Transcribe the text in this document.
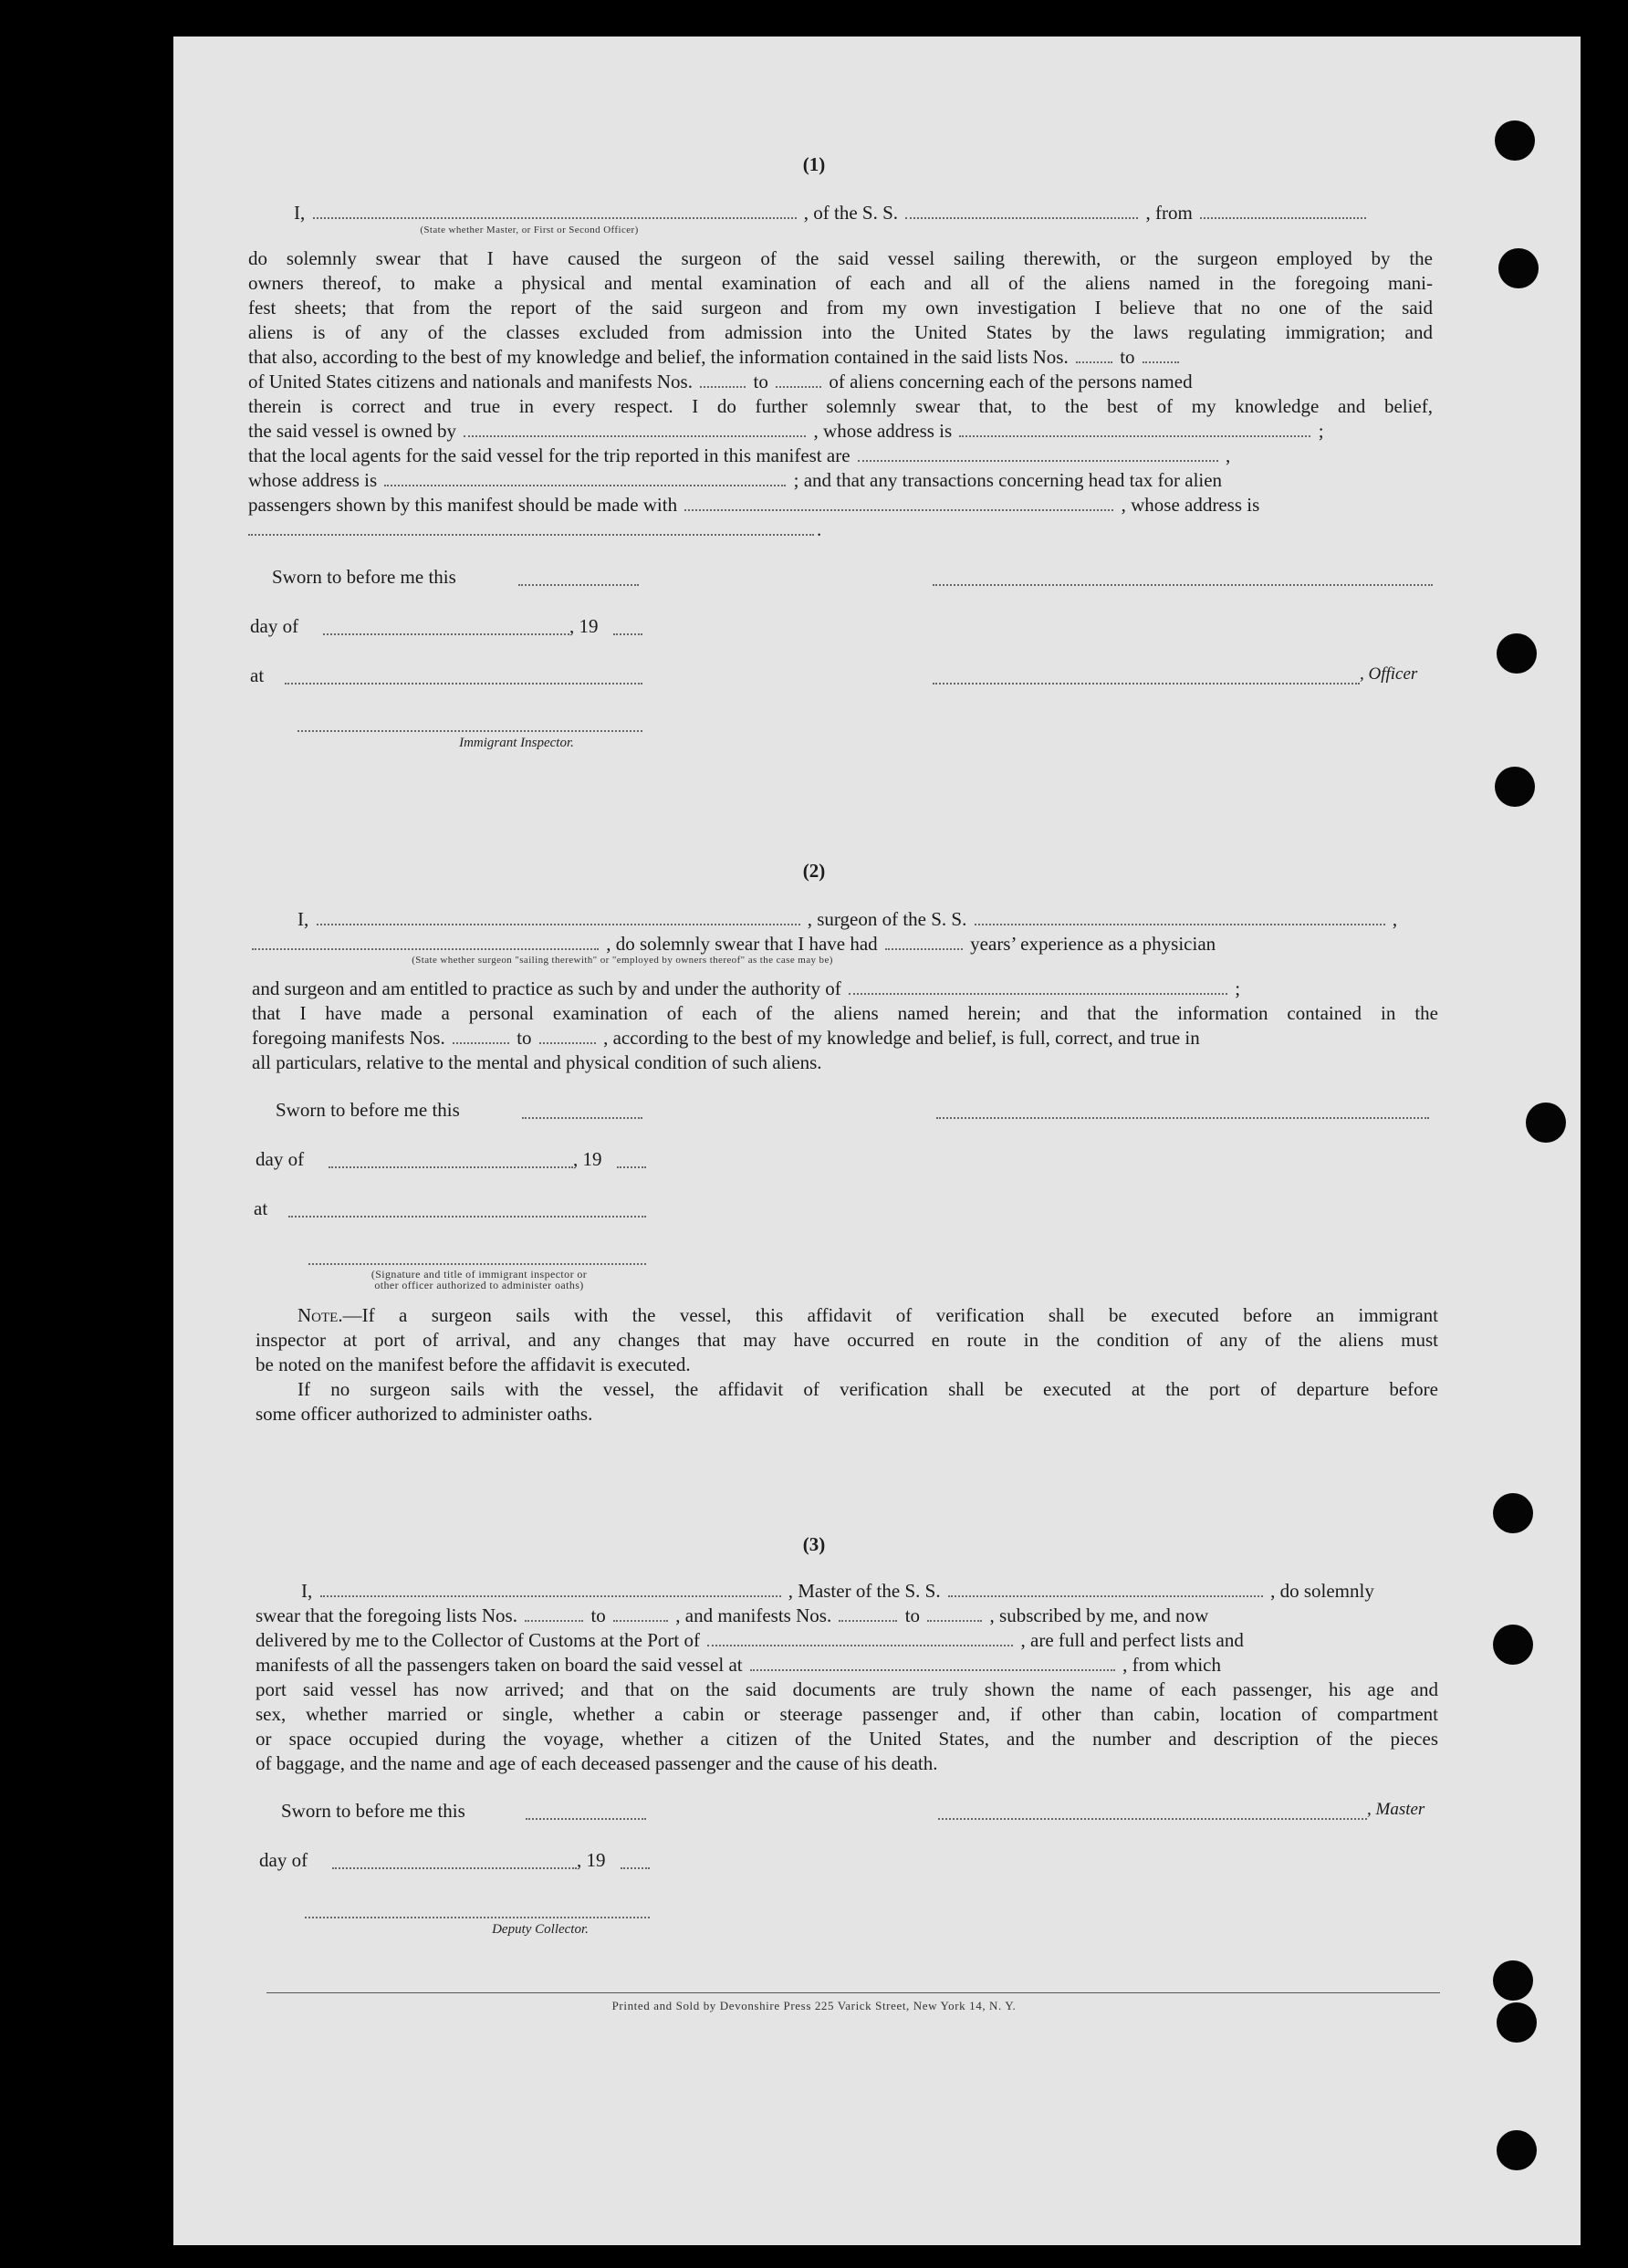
(1)
I,	, of the S. S.	, from
(State whether Master, or First or Second Officer)
do solemnly swear that I have caused the surgeon of the said vessel sailing therewith, or the surgeon employed by the
owners thereof, to make a physical and mental examination of each and all of the aliens named in the foregoing mani-
fest sheets; that from the report of the said surgeon and from my own investigation I believe that no one of the said
aliens is of any of the classes excluded from admission into the United States by the laws regulating immigration; and
that also, according to the best of my knowledge and belief, the information contained in the said lists Nos.	to
of United States citizens and nationals and manifests Nos.	to	of aliens concerning each of the persons named
therein is correct and true in every respect. I do further solemnly swear that, to the best of my knowledge and belief,
the said vessel is owned by	, whose address is	;
that the local agents for the said vessel for the trip reported in this manifest are	,
whose address is	; and that any transactions concerning head tax for alien
passengers shown by this manifest should be made with	, whose address is
.
Sworn to before me this
day of	, 19
at	, Officer
Immigrant Inspector.
(2)
I,	, surgeon of the S. S.	,
, do solemnly swear that I have had	years’ experience as a physician
(State whether surgeon "sailing therewith" or "employed by owners thereof" as the case may be)
and surgeon and am entitled to practice as such by and under the authority of	;
that I have made a personal examination of each of the aliens named herein; and that the information contained in the
foregoing manifests Nos.	to	, according to the best of my knowledge and belief, is full, correct, and true in
all particulars, relative to the mental and physical condition of such aliens.
Sworn to before me this
day of	, 19
at
(Signature and title of immigrant inspector or
other officer authorized to administer oaths)
Note.—If a surgeon sails with the vessel, this affidavit of verification shall be executed before an immigrant
inspector at port of arrival, and any changes that may have occurred en route in the condition of any of the aliens must
be noted on the manifest before the affidavit is executed.
If no surgeon sails with the vessel, the affidavit of verification shall be executed at the port of departure before
some officer authorized to administer oaths.
(3)
I,	, Master of the S. S.	, do solemnly
swear that the foregoing lists Nos.	to	, and manifests Nos.	to	, subscribed by me, and now
delivered by me to the Collector of Customs at the Port of	, are full and perfect lists and
manifests of all the passengers taken on board the said vessel at	, from which
port said vessel has now arrived; and that on the said documents are truly shown the name of each passenger, his age and
sex, whether married or single, whether a cabin or steerage passenger and, if other than cabin, location of compartment
or space occupied during the voyage, whether a citizen of the United States, and the number and description of the pieces
of baggage, and the name and age of each deceased passenger and the cause of his death.
Sworn to before me this	, Master
day of	, 19
Deputy Collector.
Printed and Sold by Devonshire Press 225 Varick Street, New York 14, N. Y.
